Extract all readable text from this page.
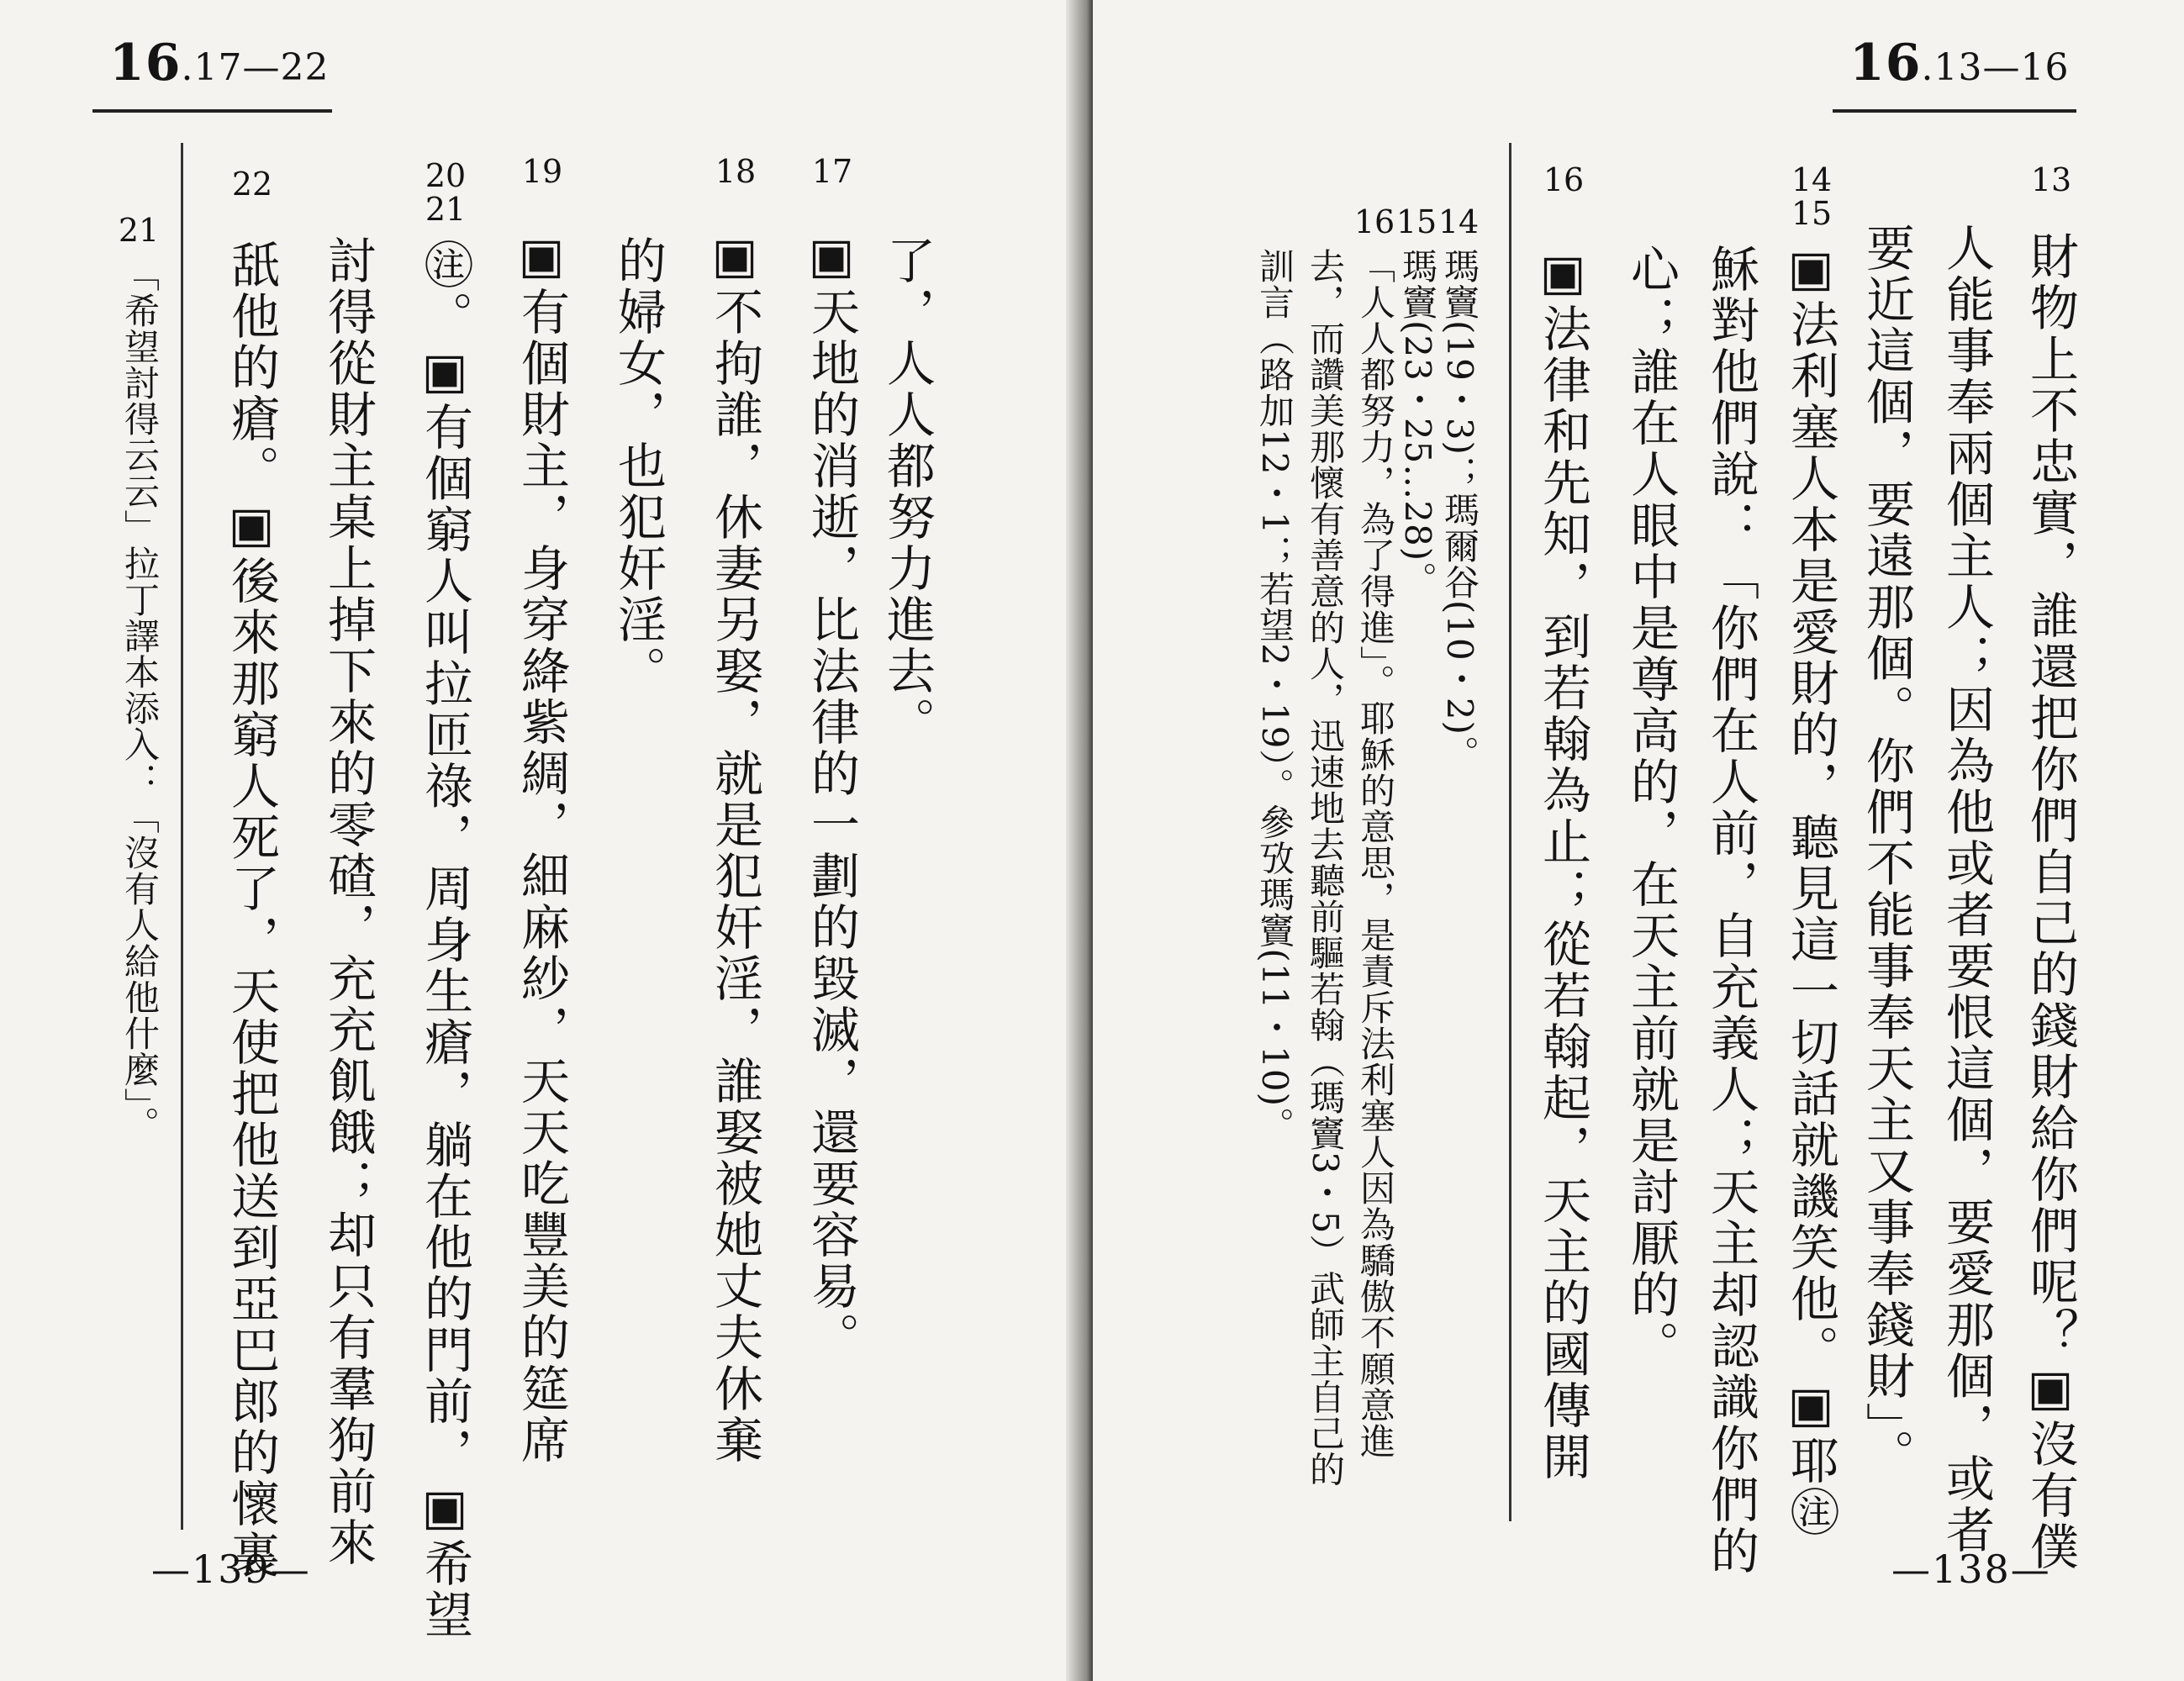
16.17—22
17
18
19
20
21
22
了，人人都努力進去。
▣天地的消逝，比法律的一劃的毀滅，還要容易。
▣不拘誰，休妻另娶，就是犯奸淫，誰娶被她丈夫休棄
的婦女，也犯奸淫。
▣有個財主，身穿絳紫綢，細麻紗，天天吃豐美的筵席
㊟。▣有個窮人叫拉匝祿，周身生瘡，躺在他的門前，▣希望
討得從財主桌上掉下來的零碴，充充飢餓；却只有羣狗前來
舐他的瘡。▣後來那窮人死了，天使把他送到亞巴郎的懷裏
21
「希望討得云云」拉丁譯本添入：「沒有人給他什麼」。
—139—
16.13—16
13
14
15
16
財物上不忠實，誰還把你們自己的錢財給你們呢？▣沒有僕
人能事奉兩個主人；因為他或者要恨這個，要愛那個，或者
要近這個，要遠那個。你們不能事奉天主又事奉錢財」。
▣法利塞人本是愛財的，聽見這一切話就譏笑他。▣耶㊟
穌對他們說：「你們在人前，自充義人；天主却認識你們的
心；誰在人眼中是尊高的，在天主前就是討厭的。
▣法律和先知，到若翰為止；從若翰起，天主的國傳開
14
瑪竇(19・3)；瑪爾谷(10・2)。
15
瑪竇(23・25…28)。
16
「人人都努力，為了得進」。耶穌的意思，是責斥法利塞人因為驕傲不願意進
去，而讚美那懷有善意的人，迅速地去聽前驅若翰（瑪竇3・5）武師主自己的
訓言（路加12・1；若望2・19）。參攷瑪竇(11・10)。
—138—
